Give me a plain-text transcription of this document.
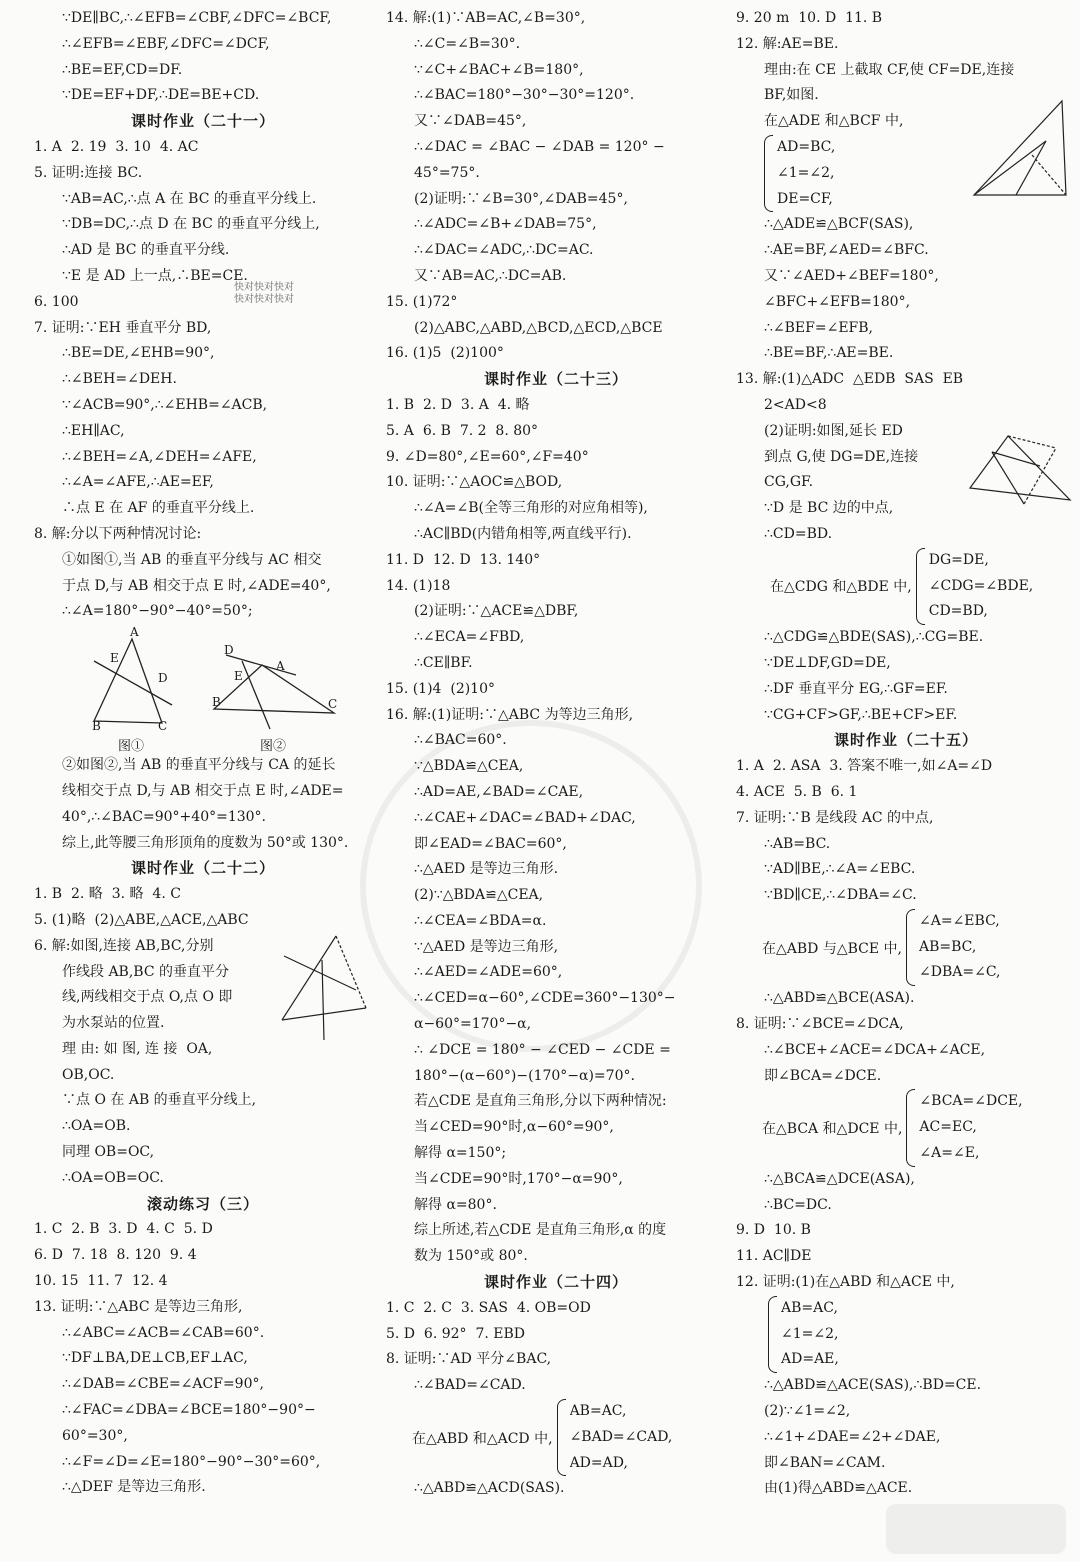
∵DE∥BC,∴∠EFB=∠CBF,∠DFC=∠BCF,
∴∠EFB=∠EBF,∠DFC=∠DCF,
∴BE=EF,CD=DF.
∵DE=EF+DF,∴DE=BE+CD.
课时作业（二十一）
1. A  2. 19  3. 10  4. AC
5. 证明:连接 BC.
∵AB=AC,∴点 A 在 BC 的垂直平分线上.
∵DB=DC,∴点 D 在 BC 的垂直平分线上,
∴AD 是 BC 的垂直平分线.
∵E 是 AD 上一点,∴BE=CE.
6. 100
7. 证明:∵EH 垂直平分 BD,
∴BE=DE,∠EHB=90°,
∴∠BEH=∠DEH.
∵∠ACB=90°,∴∠EHB=∠ACB,
∴EH∥AC,
∴∠BEH=∠A,∠DEH=∠AFE,
∴∠A=∠AFE,∴AE=EF,
∴点 E 在 AF 的垂直平分线上.
8. 解:分以下两种情况讨论:
①如图①,当 AB 的垂直平分线与 AC 相交
于点 D,与 AB 相交于点 E 时,∠ADE=40°,
∴∠A=180°−90°−40°=50°;
A
E
D
B	C
D
E
A
B	C
图①	图②
②如图②,当 AB 的垂直平分线与 CA 的延长
线相交于点 D,与 AB 相交于点 E 时,∠ADE=
40°,∴∠BAC=90°+40°=130°.
综上,此等腰三角形顶角的度数为 50°或 130°.
课时作业（二十二）
1. B  2. 略  3. 略  4. C
5. (1)略  (2)△ABE,△ACE,△ABC
6. 解:如图,连接 AB,BC,分别
作线段 AB,BC 的垂直平分
线,两线相交于点 O,点 O 即
为水泵站的位置.
理 由: 如 图, 连 接  OA,
OB,OC.
∵点 O 在 AB 的垂直平分线上,
∴OA=OB.
同理 OB=OC,
∴OA=OB=OC.
滚动练习（三）
1. C  2. B  3. D  4. C  5. D
6. D  7. 18  8. 120  9. 4
10. 15  11. 7  12. 4
13. 证明:∵△ABC 是等边三角形,
∴∠ABC=∠ACB=∠CAB=60°.
∵DF⊥BA,DE⊥CB,EF⊥AC,
∴∠DAB=∠CBE=∠ACF=90°,
∴∠FAC=∠DBA=∠BCE=180°−90°−
60°=30°,
∴∠F=∠D=∠E=180°−90°−30°=60°,
∴△DEF 是等边三角形.
快对快对快对
快对快对快对
14. 解:(1)∵AB=AC,∠B=30°,
∴∠C=∠B=30°.
∵∠C+∠BAC+∠B=180°,
∴∠BAC=180°−30°−30°=120°.
又∵∠DAB=45°,
∴∠DAC = ∠BAC − ∠DAB = 120° −
45°=75°.
(2)证明:∵∠B=30°,∠DAB=45°,
∴∠ADC=∠B+∠DAB=75°,
∴∠DAC=∠ADC,∴DC=AC.
又∵AB=AC,∴DC=AB.
15. (1)72°
(2)△ABC,△ABD,△BCD,△ECD,△BCE
16. (1)5  (2)100°
课时作业（二十三）
1. B  2. D  3. A  4. 略
5. A  6. B  7. 2  8. 80°
9. ∠D=80°,∠E=60°,∠F=40°
10. 证明:∵△AOC≌△BOD,
∴∠A=∠B(全等三角形的对应角相等),
∴AC∥BD(内错角相等,两直线平行).
11. D  12. D  13. 140°
14. (1)18
(2)证明:∵△ACE≌△DBF,
∴∠ECA=∠FBD,
∴CE∥BF.
15. (1)4  (2)10°
16. 解:(1)证明:∵△ABC 为等边三角形,
∴∠BAC=60°.
∵△BDA≌△CEA,
∴AD=AE,∠BAD=∠CAE,
∴∠CAE+∠DAC=∠BAD+∠DAC,
即∠EAD=∠BAC=60°,
∴△AED 是等边三角形.
(2)∵△BDA≌△CEA,
∴∠CEA=∠BDA=α.
∵△AED 是等边三角形,
∴∠AED=∠ADE=60°,
∴∠CED=α−60°,∠CDE=360°−130°−
α−60°=170°−α,
∴ ∠DCE = 180° − ∠CED − ∠CDE =
180°−(α−60°)−(170°−α)=70°.
若△CDE 是直角三角形,分以下两种情况:
当∠CED=90°时,α−60°=90°,
解得 α=150°;
当∠CDE=90°时,170°−α=90°,
解得 α=80°.
综上所述,若△CDE 是直角三角形,α 的度
数为 150°或 80°.
课时作业（二十四）
1. C  2. C  3. SAS  4. OB=OD
5. D  6. 92°  7. EBD
8. 证明:∵AD 平分∠BAC,
∴∠BAD=∠CAD.
在△ABD 和△ACD 中,
AB=AC,
∠BAD=∠CAD,
AD=AD,
∴△ABD≌△ACD(SAS).
9. 20 m  10. D  11. B
12. 解:AE=BE.
理由:在 CE 上截取 CF,使 CF=DE,连接
BF,如图.
在△ADE 和△BCF 中,
AD=BC,
∠1=∠2,
DE=CF,
∴△ADE≌△BCF(SAS),
∴AE=BF,∠AED=∠BFC.
又∵∠AED+∠BEF=180°,
∠BFC+∠EFB=180°,
∴∠BEF=∠EFB,
∴BE=BF,∴AE=BE.
13. 解:(1)△ADC  △EDB  SAS  EB
2<AD<8
(2)证明:如图,延长 ED
到点 G,使 DG=DE,连接
CG,GF.
∵D 是 BC 边的中点,
∴CD=BD.
在△CDG 和△BDE 中,
DG=DE,
∠CDG=∠BDE,
CD=BD,
∴△CDG≌△BDE(SAS),∴CG=BE.
∵DE⊥DF,GD=DE,
∴DF 垂直平分 EG,∴GF=EF.
∵CG+CF>GF,∴BE+CF>EF.
课时作业（二十五）
1. A  2. ASA  3. 答案不唯一,如∠A=∠D
4. ACE  5. B  6. 1
7. 证明:∵B 是线段 AC 的中点,
∴AB=BC.
∵AD∥BE,∴∠A=∠EBC.
∵BD∥CE,∴∠DBA=∠C.
在△ABD 与△BCE 中,
∠A=∠EBC,
AB=BC,
∠DBA=∠C,
∴△ABD≌△BCE(ASA).
8. 证明:∵∠BCE=∠DCA,
∴∠BCE+∠ACE=∠DCA+∠ACE,
即∠BCA=∠DCE.
在△BCA 和△DCE 中,
∠BCA=∠DCE,
AC=EC,
∠A=∠E,
∴△BCA≌△DCE(ASA),
∴BC=DC.
9. D  10. B
11. AC∥DE
12. 证明:(1)在△ABD 和△ACE 中,
AB=AC,
∠1=∠2,
AD=AE,
∴△ABD≌△ACE(SAS),∴BD=CE.
(2)∵∠1=∠2,
∴∠1+∠DAE=∠2+∠DAE,
即∠BAN=∠CAM.
由(1)得△ABD≌△ACE.
